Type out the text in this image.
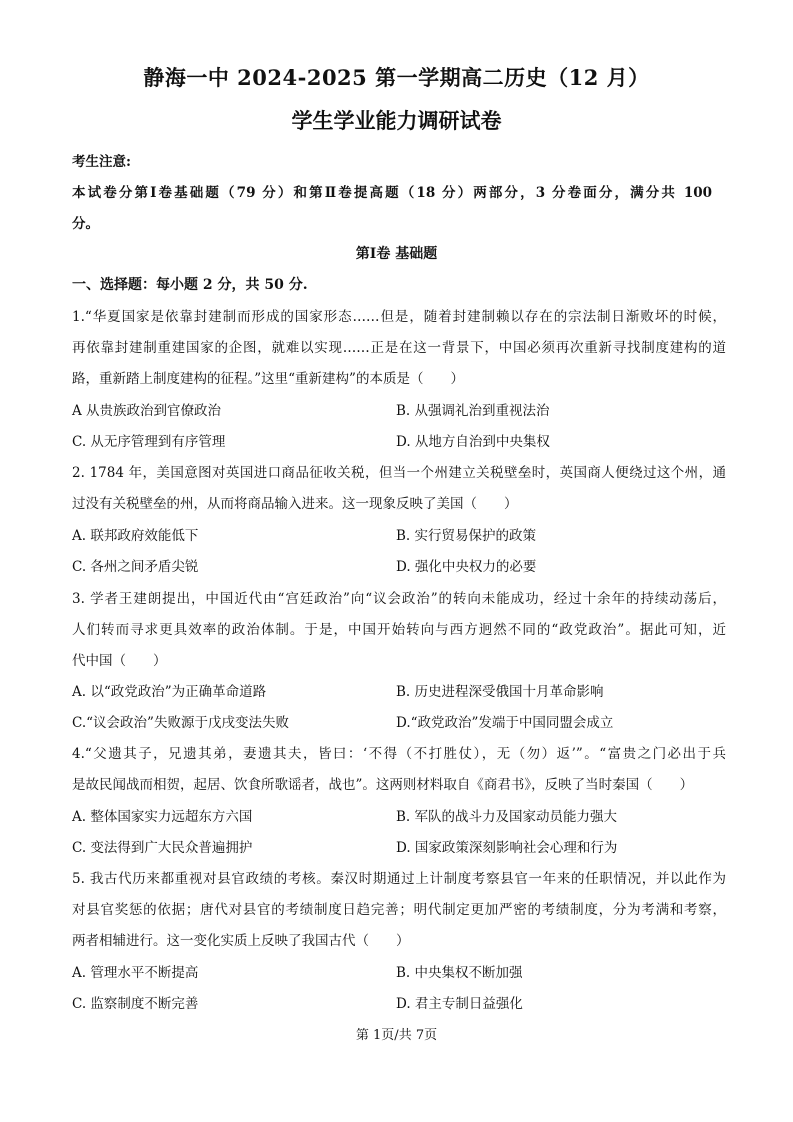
静海一中 2024-2025 第一学期高二历史（12 月）
学生学业能力调研试卷
考生注意:
本试卷分第Ⅰ卷基础题（79 分）和第Ⅱ卷提高题（18 分）两部分，3 分卷面分，满分共 100
分。
第Ⅰ卷 基础题
一、选择题：每小题 2 分，共 50 分.
1.“华夏国家是依靠封建制而形成的国家形态……但是，随着封建制赖以存在的宗法制日渐败坏的时候，
再依靠封建制重建国家的企图，就难以实现……正是在这一背景下，中国必须再次重新寻找制度建构的道
路，重新踏上制度建构的征程。”这里“重新建构”的本质是（　　）
A 从贵族政治到官僚政治	B. 从强调礼治到重视法治
C. 从无序管理到有序管理	D. 从地方自治到中央集权
2. 1784 年，美国意图对英国进口商品征收关税，但当一个州建立关税壁垒时，英国商人便绕过这个州，通
过没有关税壁垒的州，从而将商品输入进来。这一现象反映了美国（　　）
A. 联邦政府效能低下	B. 实行贸易保护的政策
C. 各州之间矛盾尖锐	D. 强化中央权力的必要
3. 学者王建朗提出，中国近代由“宫廷政治”向“议会政治”的转向未能成功，经过十余年的持续动荡后，
人们转而寻求更具效率的政治体制。于是，中国开始转向与西方迥然不同的“政党政治”。据此可知，近
代中国（　　）
A. 以“政党政治”为正确革命道路	B. 历史进程深受俄国十月革命影响
C.“议会政治”失败源于戊戌变法失败	D.“政党政治”发端于中国同盟会成立
4.“父遗其子，兄遗其弟，妻遗其夫，皆曰：‘不得（不打胜仗），无（勿）返’”。“富贵之门必出于兵
是故民闻战而相贺，起居、饮食所歌谣者，战也”。这两则材料取自《商君书》，反映了当时秦国（　　）
A. 整体国家实力远超东方六国	B. 军队的战斗力及国家动员能力强大
C. 变法得到广大民众普遍拥护	D. 国家政策深刻影响社会心理和行为
5. 我古代历来都重视对县官政绩的考核。秦汉时期通过上计制度考察县官一年来的任职情况，并以此作为
对县官奖惩的依据；唐代对县官的考绩制度日趋完善；明代制定更加严密的考绩制度，分为考满和考察，
两者相辅进行。这一变化实质上反映了我国古代（　　）
A. 管理水平不断提高	B. 中央集权不断加强
C. 监察制度不断完善	D. 君主专制日益强化
第 1页/共 7页
